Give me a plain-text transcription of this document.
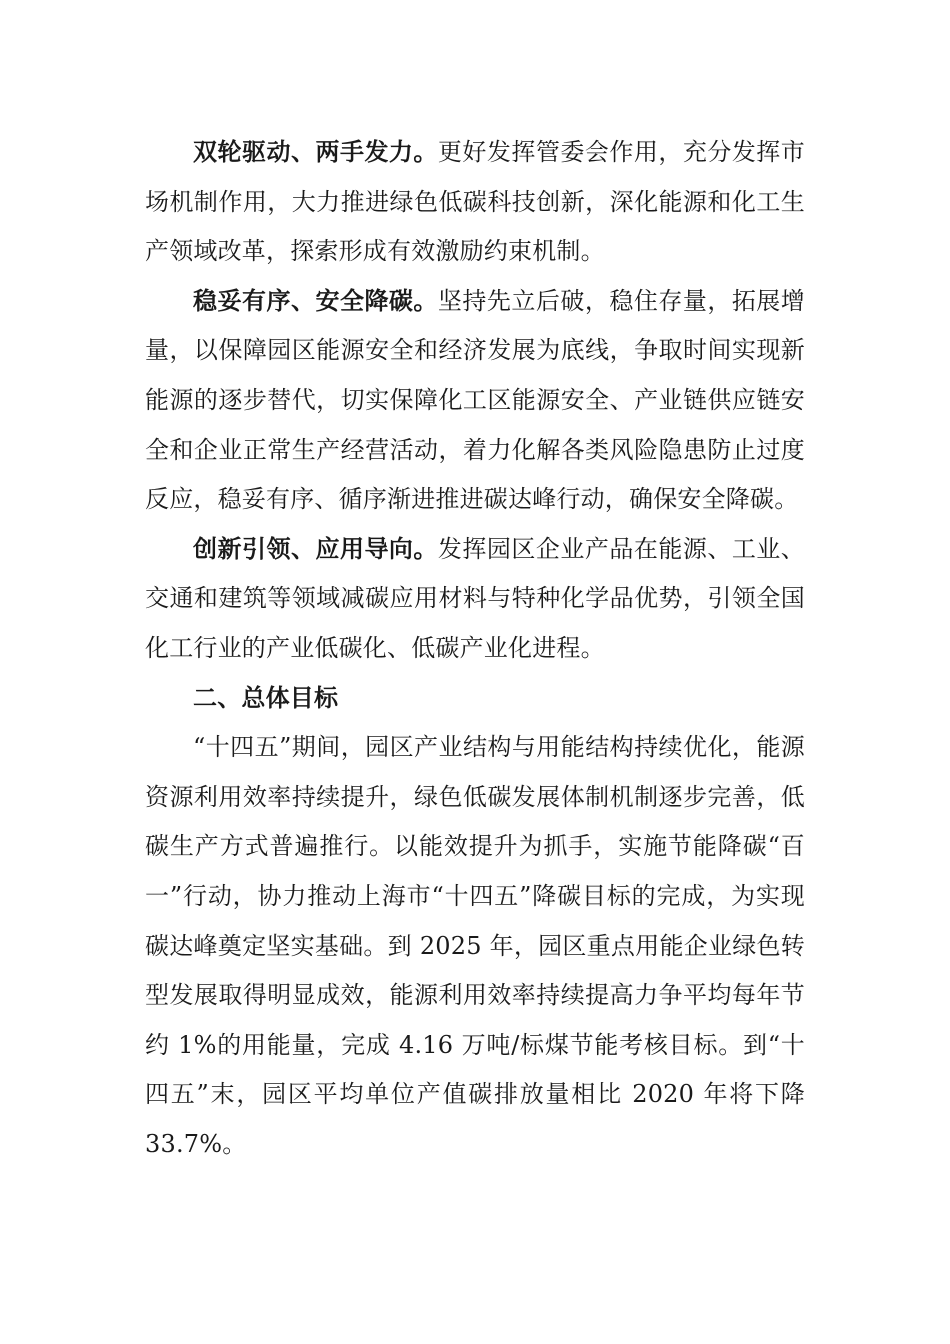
双轮驱动、两手发力。更好发挥管委会作用，充分发挥市场机制作用，大力推进绿色低碳科技创新，深化能源和化工生产领域改革，探索形成有效激励约束机制。

稳妥有序、安全降碳。坚持先立后破，稳住存量，拓展增量，以保障园区能源安全和经济发展为底线，争取时间实现新能源的逐步替代，切实保障化工区能源安全、产业链供应链安全和企业正常生产经营活动，着力化解各类风险隐患防止过度反应，稳妥有序、循序渐进推进碳达峰行动，确保安全降碳。

创新引领、应用导向。发挥园区企业产品在能源、工业、交通和建筑等领域减碳应用材料与特种化学品优势，引领全国化工行业的产业低碳化、低碳产业化进程。

二、总体目标

“十四五”期间，园区产业结构与用能结构持续优化，能源资源利用效率持续提升，绿色低碳发展体制机制逐步完善，低碳生产方式普遍推行。以能效提升为抓手，实施节能降碳“百一”行动，协力推动上海市“十四五”降碳目标的完成，为实现碳达峰奠定坚实基础。到 2025 年，园区重点用能企业绿色转型发展取得明显成效，能源利用效率持续提高力争平均每年节约 1%的用能量，完成 4.16 万吨/标煤节能考核目标。到“十四五”末，园区平均单位产值碳排放量相比 2020 年将下降 33.7%。
